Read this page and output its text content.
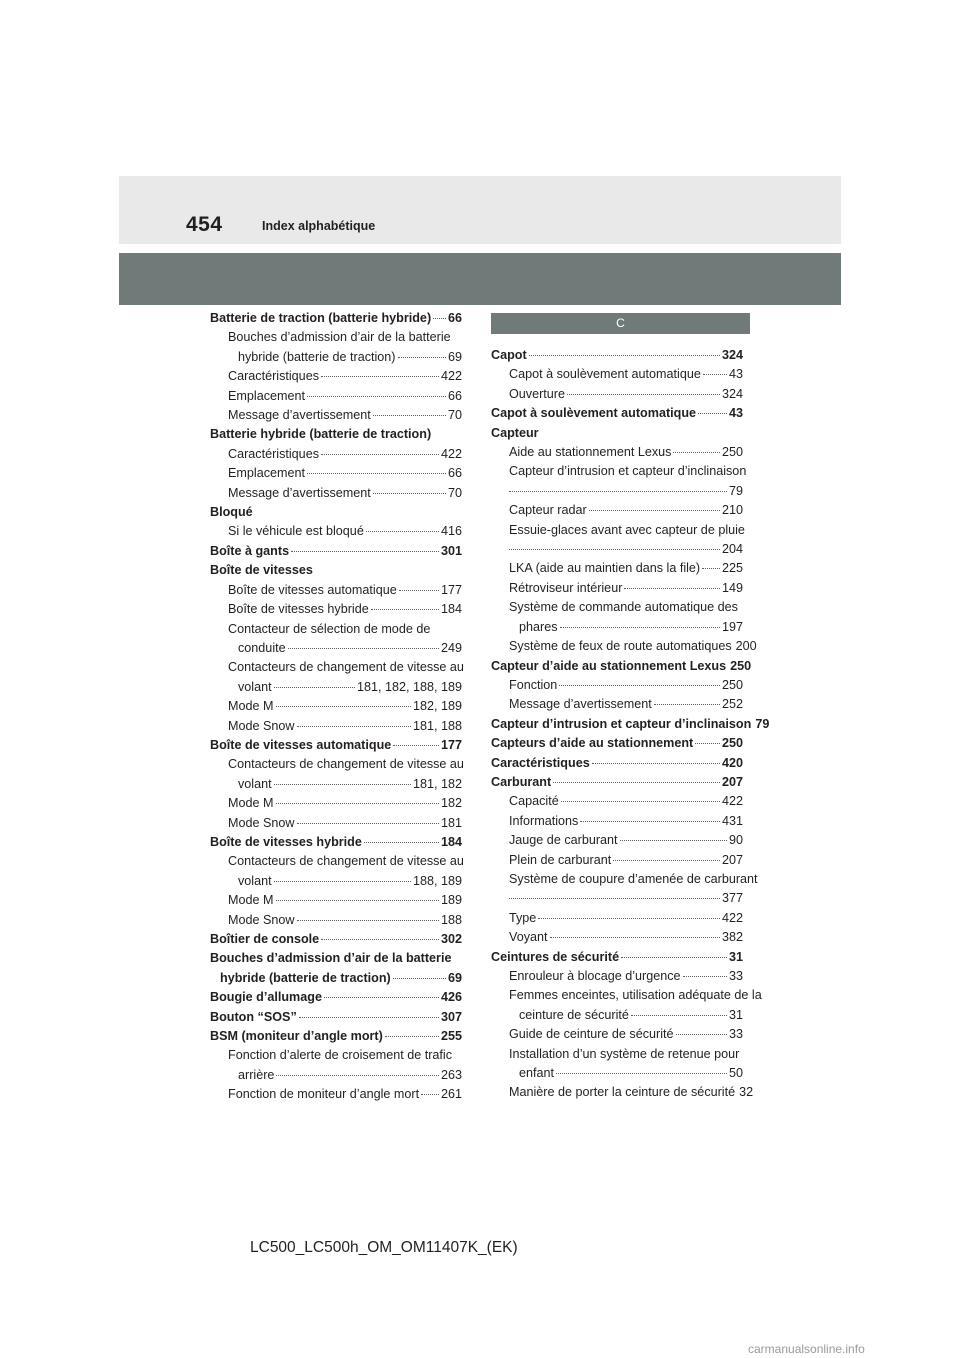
454	Index alphabétique
Batterie de traction (batterie hybride) 66
Bouches d’admission d’air de la batterie
hybride (batterie de traction)	69
Caractéristiques	422
Emplacement	66
Message d’avertissement	70
Batterie hybride (batterie de traction)
Caractéristiques	422
Emplacement	66
Message d’avertissement	70
Bloqué
Si le véhicule est bloqué	416
Boîte à gants	301
Boîte de vitesses
Boîte de vitesses automatique	177
Boîte de vitesses hybride	184
Contacteur de sélection de mode de
conduite	249
Contacteurs de changement de vitesse au
volant	181, 182, 188, 189
Mode M	182, 189
Mode Snow	181, 188
Boîte de vitesses automatique	177
Contacteurs de changement de vitesse au
volant	181, 182
Mode M	182
Mode Snow	181
Boîte de vitesses hybride	184
Contacteurs de changement de vitesse au
volant	188, 189
Mode M	189
Mode Snow	188
Boîtier de console	302
Bouches d’admission d’air de la batterie
hybride (batterie de traction)	69
Bougie d’allumage	426
Bouton “SOS”	307
BSM (moniteur d’angle mort)	255
Fonction d’alerte de croisement de trafic
arrière	263
Fonction de moniteur d’angle mort 261
C
Capot	324
Capot à soulèvement automatique 43
Ouverture	324
Capot à soulèvement automatique	43
Capteur
Aide au stationnement Lexus	250
Capteur d’intrusion et capteur d’inclinaison
79
Capteur radar	210
Essuie-glaces avant avec capteur de pluie
204
LKA (aide au maintien dans la file) 225
Rétroviseur intérieur	149
Système de commande automatique des
phares	197
Système de feux de route automatiques 200
Capteur d’aide au stationnement Lexus 250
Fonction	250
Message d’avertissement	252
Capteur d’intrusion et capteur d’inclinaison 79
Capteurs d’aide au stationnement 250
Caractéristiques	420
Carburant	207
Capacité	422
Informations	431
Jauge de carburant	90
Plein de carburant	207
Système de coupure d’amenée de carburant
377
Type	422
Voyant	382
Ceintures de sécurité	31
Enrouleur à blocage d’urgence	33
Femmes enceintes, utilisation adéquate de la
ceinture de sécurité	31
Guide de ceinture de sécurité	33
Installation d’un système de retenue pour
enfant	50
Manière de porter la ceinture de sécurité 32
LC500_LC500h_OM_OM11407K_(EK)
carmanualsonline.info
